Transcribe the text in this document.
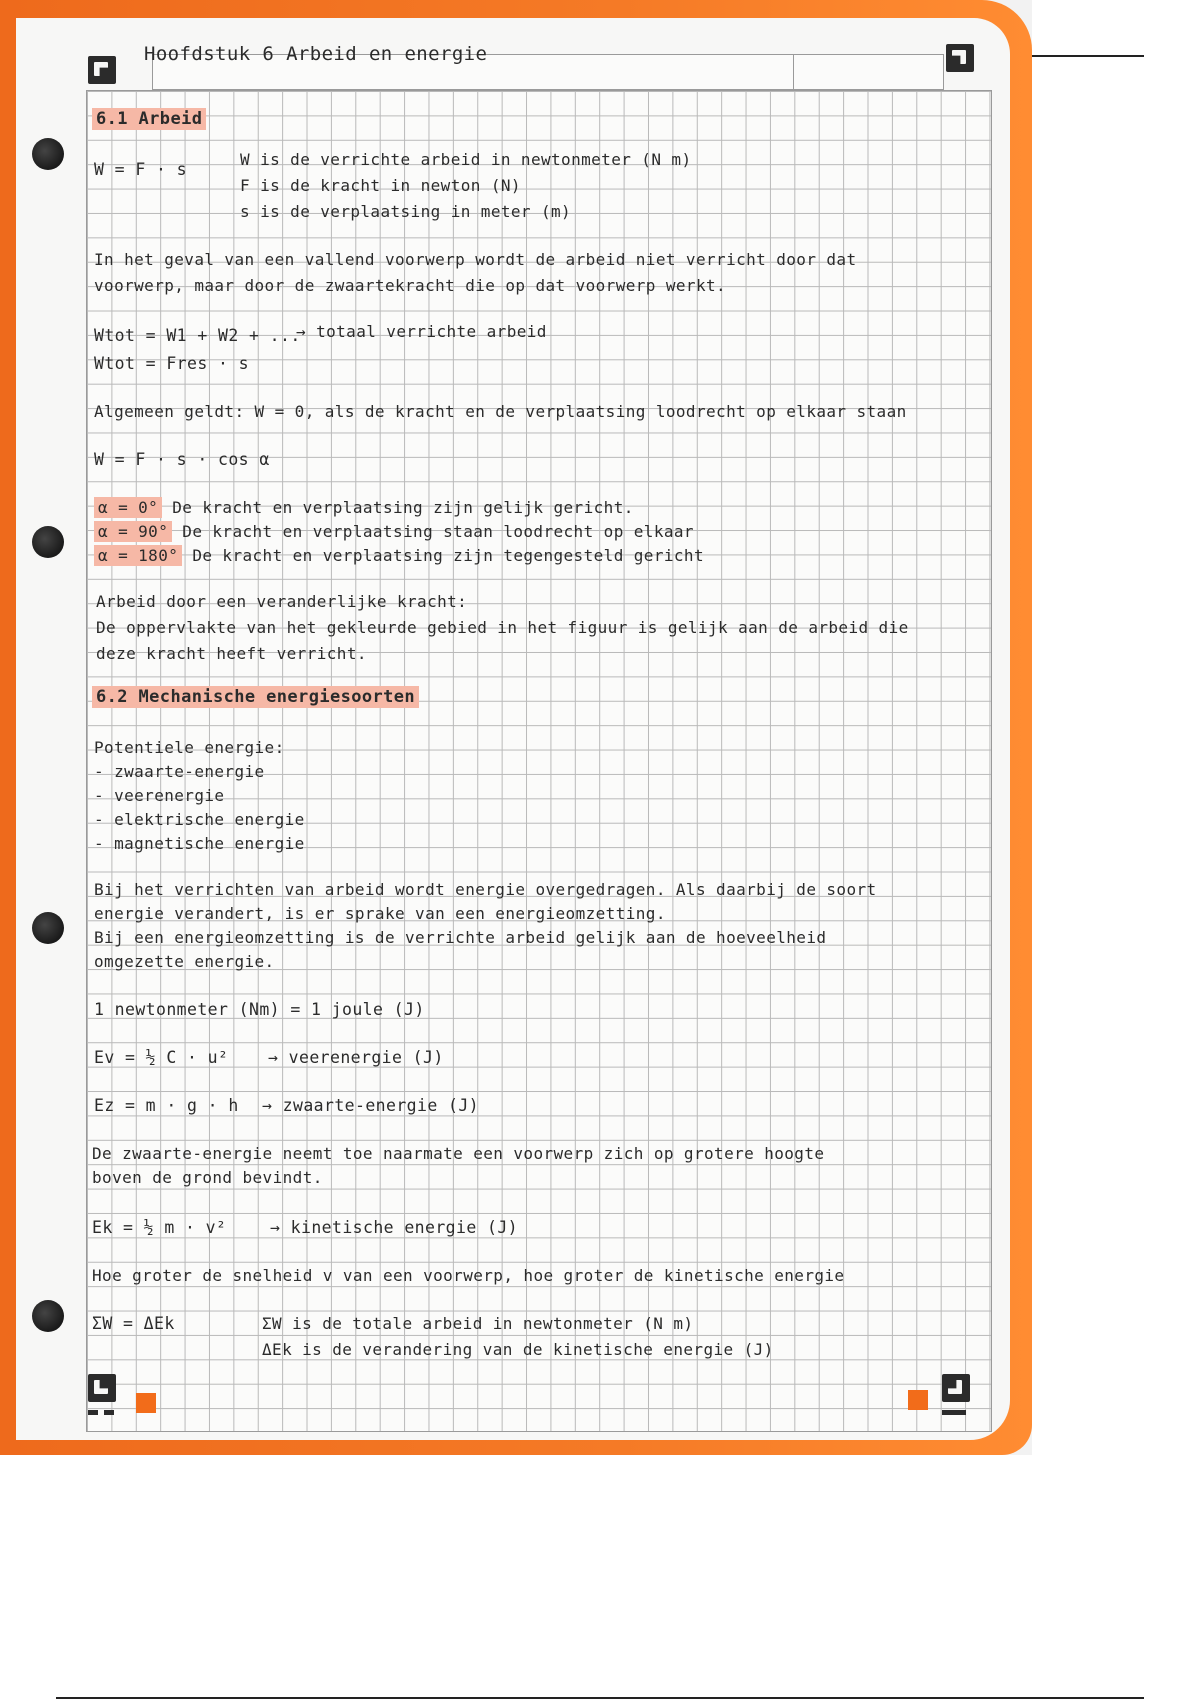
Hoofdstuk 6 Arbeid en energie
6.1 Arbeid
W = F · s
W is de verrichte arbeid in newtonmeter (N m)
F is de kracht in newton (N)
s is de verplaatsing in meter (m)
In het geval van een vallend voorwerp wordt de arbeid niet verricht door dat
voorwerp, maar door de zwaartekracht die op dat voorwerp werkt.
Wtot = W1 + W2 + ...
→ totaal verrichte arbeid
Wtot = Fres · s
Algemeen geldt: W = 0, als de kracht en de verplaatsing loodrecht op elkaar staan
W = F · s · cos α
α = 0° De kracht en verplaatsing zijn gelijk gericht.
α = 90° De kracht en verplaatsing staan loodrecht op elkaar
α = 180° De kracht en verplaatsing zijn tegengesteld gericht
Arbeid door een veranderlijke kracht:
De oppervlakte van het gekleurde gebied in het figuur is gelijk aan de arbeid die
deze kracht heeft verricht.
6.2 Mechanische energiesoorten
Potentiele energie:
- zwaarte-energie
- veerenergie
- elektrische energie
- magnetische energie
Bij het verrichten van arbeid wordt energie overgedragen. Als daarbij de soort
energie verandert, is er sprake van een energieomzetting.
Bij een energieomzetting is de verrichte arbeid gelijk aan de hoeveelheid
omgezette energie.
1 newtonmeter (Nm) = 1 joule (J)
Ev = ½ C · u² → veerenergie (J)
Ez = m · g · h → zwaarte-energie (J)
De zwaarte-energie neemt toe naarmate een voorwerp zich op grotere hoogte
boven de grond bevindt.
Ek = ½ m · v²	→ kinetische energie (J)
Hoe groter de snelheid v van een voorwerp, hoe groter de kinetische energie
ΣW = ΔEk	ΣW is de totale arbeid in newtonmeter (N m)
ΔEk is de verandering van de kinetische energie (J)
